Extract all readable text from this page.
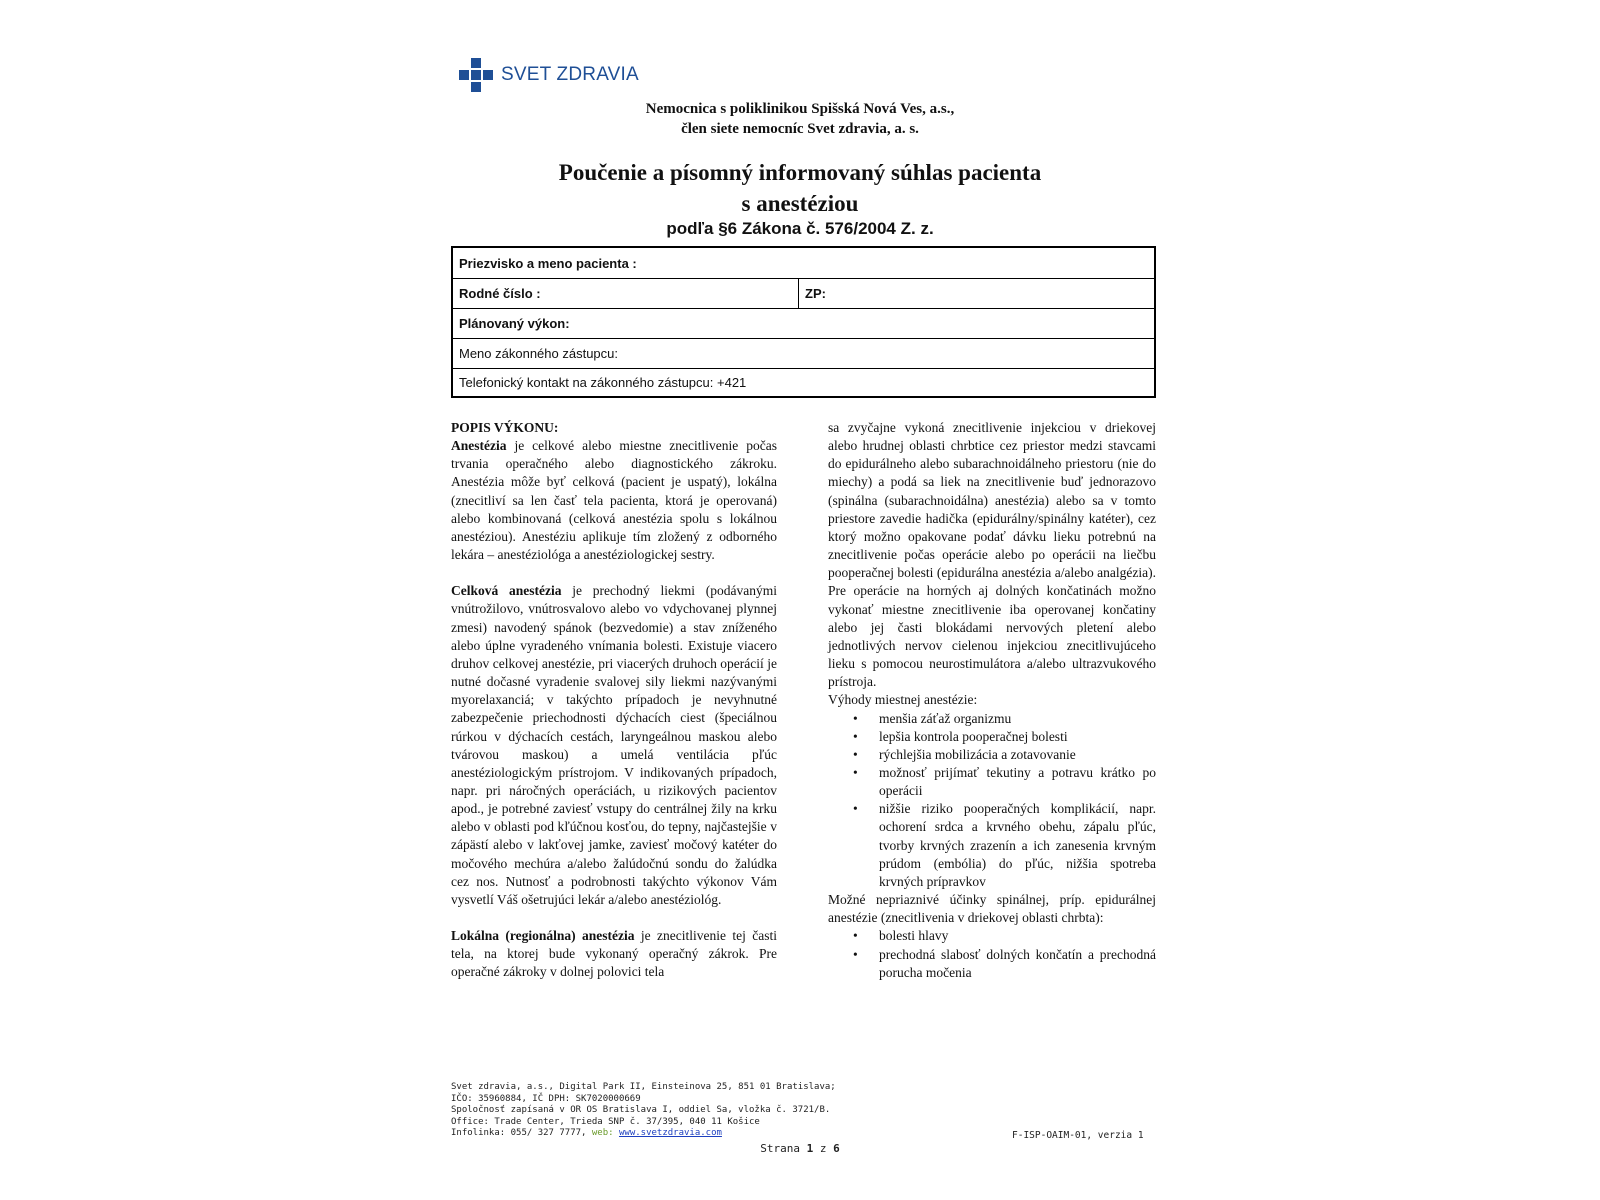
SVET ZDRAVIA
Nemocnica s poliklinikou Spišská Nová Ves, a.s.,
člen siete nemocníc Svet zdravia, a. s.
Poučenie a písomný informovaný súhlas pacienta
s anestéziou
podľa §6 Zákona č. 576/2004 Z. z.
Priezvisko a meno pacienta :
Rodné číslo :	ZP:
Plánovaný výkon:
Meno zákonného zástupcu:
Telefonický kontakt na zákonného zástupcu: +421

POPIS VÝKONU:

Anestézia je celkové alebo miestne znecitlivenie počas trvania operačného alebo diagnostického zákroku. Anestézia môže byť celková (pacient je uspatý), lokálna (znecitliví sa len časť tela pacienta, ktorá je operovaná) alebo kombinovaná (celková anestézia spolu s lokálnou anestéziou). Anestéziu aplikuje tím zložený z odborného lekára – anestéziológa a anestéziologickej sestry.

Celková anestézia je prechodný liekmi (podávanými vnútrožilovo, vnútrosvalovo alebo vo vdychovanej plynnej zmesi) navodený spánok (bezvedomie) a stav zníženého alebo úplne vyradeného vnímania bolesti. Existuje viacero druhov celkovej anestézie, pri viacerých druhoch operácií je nutné dočasné vyradenie svalovej sily liekmi nazývanými myorelaxanciá; v takýchto prípadoch je nevyhnutné zabezpečenie priechodnosti dýchacích ciest (špeciálnou rúrkou v dýchacích cestách, laryngeálnou maskou alebo tvárovou maskou) a umelá ventilácia pľúc anestéziologickým prístrojom. V indikovaných prípadoch, napr. pri náročných operáciách, u rizikových pacientov apod., je potrebné zaviesť vstupy do centrálnej žily na krku alebo v oblasti pod kľúčnou kosťou, do tepny, najčastejšie v zápästí alebo v lakťovej jamke, zaviesť močový katéter do močového mechúra a/alebo žalúdočnú sondu do žalúdka cez nos. Nutnosť a podrobnosti takýchto výkonov Vám vysvetlí Váš ošetrujúci lekár a/alebo anestéziológ.

Lokálna (regionálna) anestézia je znecitlivenie tej časti tela, na ktorej bude vykonaný operačný zákrok. Pre operačné zákroky v dolnej polovici tela

sa zvyčajne vykoná znecitlivenie injekciou v driekovej alebo hrudnej oblasti chrbtice cez priestor medzi stavcami do epidurálneho alebo subarachnoidálneho priestoru (nie do miechy) a podá sa liek na znecitlivenie buď jednorazovo (spinálna (subarachnoidálna) anestézia) alebo sa v tomto priestore zavedie hadička (epidurálny/spinálny katéter), cez ktorý možno opakovane podať dávku lieku potrebnú na znecitlivenie počas operácie alebo po operácii na liečbu pooperačnej bolesti (epidurálna anestézia a/alebo analgézia). Pre operácie na horných aj dolných končatinách možno vykonať miestne znecitlivenie iba operovanej končatiny alebo jej časti blokádami nervových pletení alebo jednotlivých nervov cielenou injekciou znecitlivujúceho lieku s pomocou neurostimulátora a/alebo ultrazvukového prístroja.

Výhody miestnej anestézie:

• menšia záťaž organizmu
• lepšia kontrola pooperačnej bolesti
• rýchlejšia mobilizácia a zotavovanie
• možnosť prijímať tekutiny a potravu krátko po operácii
• nižšie riziko pooperačných komplikácií, napr. ochorení srdca a krvného obehu, zápalu pľúc, tvorby krvných zrazenín a ich zanesenia krvným prúdom (embólia) do pľúc, nižšia spotreba krvných prípravkov

Možné nepriaznivé účinky spinálnej, príp. epidurálnej anestézie (znecitlivenia v driekovej oblasti chrbta):

• bolesti hlavy
• prechodná slabosť dolných končatín a prechodná porucha močenia
Svet zdravia, a.s., Digital Park II, Einsteinova 25, 851 01 Bratislava;
IČO: 35960884, IČ DPH: SK7020000669
Spoločnosť zapísaná v OR OS Bratislava I, oddiel Sa, vložka č. 3721/B.
Office: Trade Center, Trieda SNP č. 37/395, 040 11 Košice
Infolinka: 055/ 327 7777, web: www.svetzdravia.com	F-ISP-OAIM-01, verzia 1
Strana 1 z 6
